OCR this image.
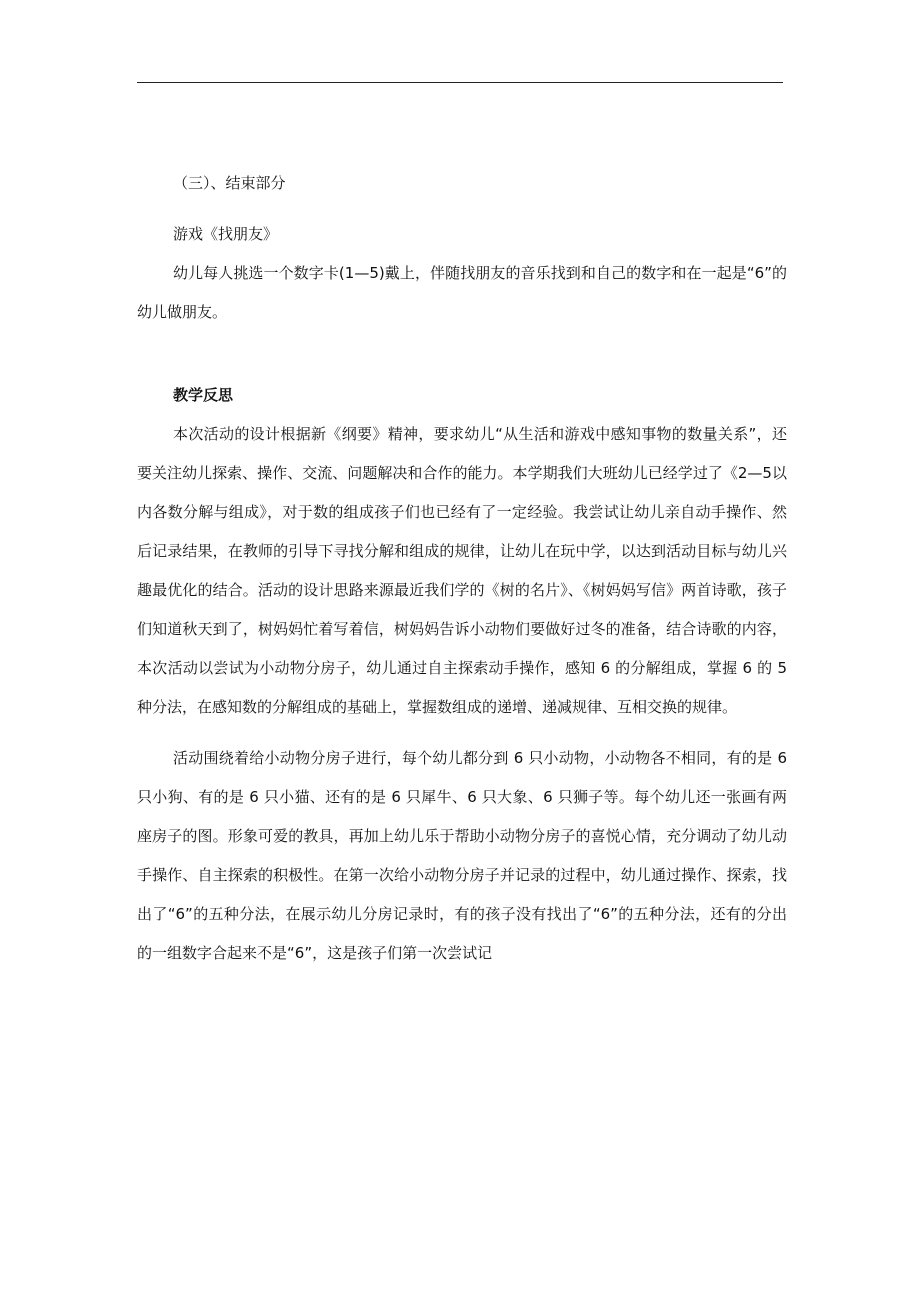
（三）、结束部分

游戏《找朋友》

幼儿每人挑选一个数字卡(1—5)戴上，伴随找朋友的音乐找到和自己的数字和在一起是“6”的幼儿做朋友。

教学反思

本次活动的设计根据新《纲要》精神，要求幼儿“从生活和游戏中感知事物的数量关系”，还要关注幼儿探索、操作、交流、问题解决和合作的能力。本学期我们大班幼儿已经学过了《2—5以内各数分解与组成》，对于数的组成孩子们也已经有了一定经验。我尝试让幼儿亲自动手操作、然后记录结果，在教师的引导下寻找分解和组成的规律，让幼儿在玩中学，以达到活动目标与幼儿兴趣最优化的结合。活动的设计思路来源最近我们学的《树的名片》、《树妈妈写信》两首诗歌，孩子们知道秋天到了，树妈妈忙着写着信，树妈妈告诉小动物们要做好过冬的准备，结合诗歌的内容，本次活动以尝试为小动物分房子，幼儿通过自主探索动手操作，感知 6 的分解组成，掌握 6 的 5 种分法，在感知数的分解组成的基础上，掌握数组成的递增、递减规律、互相交换的规律。

活动围绕着给小动物分房子进行，每个幼儿都分到 6 只小动物，小动物各不相同，有的是 6 只小狗、有的是 6 只小猫、还有的是 6 只犀牛、6 只大象、6 只狮子等。每个幼儿还一张画有两座房子的图。形象可爱的教具，再加上幼儿乐于帮助小动物分房子的喜悦心情，充分调动了幼儿动手操作、自主探索的积极性。在第一次给小动物分房子并记录的过程中，幼儿通过操作、探索，找出了“6”的五种分法，在展示幼儿分房记录时，有的孩子没有找出了“6”的五种分法，还有的分出的一组数字合起来不是“6”，这是孩子们第一次尝试记
